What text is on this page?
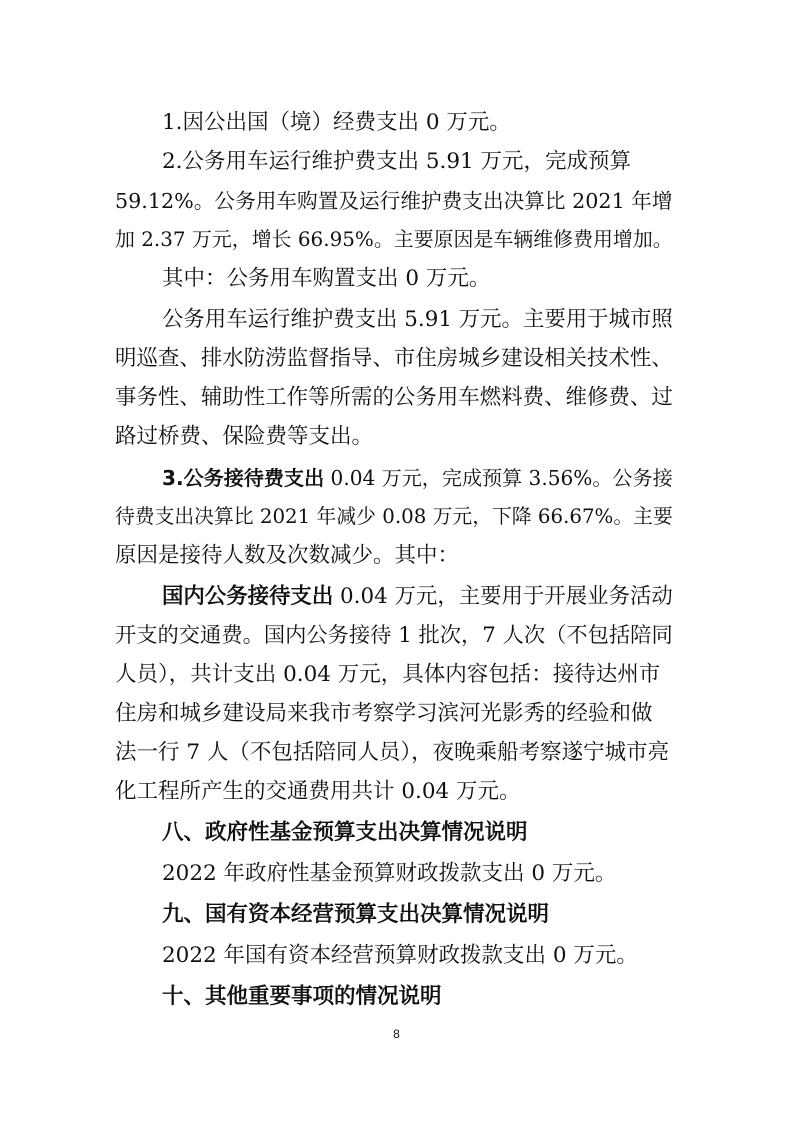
1.因公出国（境）经费支出 0 万元。
2.公务用车运行维护费支出 5.91 万元，完成预算
59.12%。公务用车购置及运行维护费支出决算比 2021 年增
加 2.37 万元，增长 66.95%。主要原因是车辆维修费用增加。
其中：公务用车购置支出 0 万元。
公务用车运行维护费支出 5.91 万元。主要用于城市照
明巡查、排水防涝监督指导、市住房城乡建设相关技术性、
事务性、辅助性工作等所需的公务用车燃料费、维修费、过
路过桥费、保险费等支出。
3.公务接待费支出 0.04 万元，完成预算 3.56%。公务接
待费支出决算比 2021 年减少 0.08 万元，下降 66.67%。主要
原因是接待人数及次数减少。其中：
国内公务接待支出 0.04 万元，主要用于开展业务活动
开支的交通费。国内公务接待 1 批次，7 人次（不包括陪同
人员），共计支出 0.04 万元，具体内容包括：接待达州市
住房和城乡建设局来我市考察学习滨河光影秀的经验和做
法一行 7 人（不包括陪同人员），夜晚乘船考察遂宁城市亮
化工程所产生的交通费用共计 0.04 万元。
八、政府性基金预算支出决算情况说明
2022 年政府性基金预算财政拨款支出 0 万元。
九、国有资本经营预算支出决算情况说明
2022 年国有资本经营预算财政拨款支出 0 万元。
十、其他重要事项的情况说明
8
